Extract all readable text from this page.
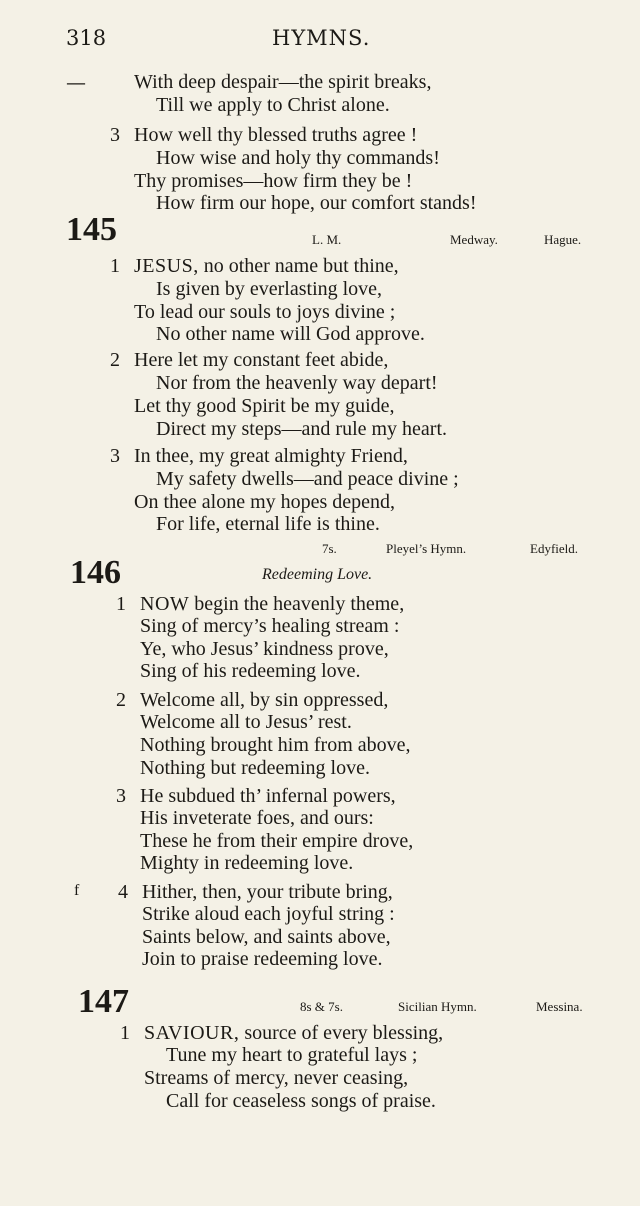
318	HYMNS.
— With deep despair—the spirit breaks,
Till we apply to Christ alone.
3 How well thy blessed truths agree !
How wise and holy thy commands!
Thy promises—how firm they be !
How firm our hope, our comfort stands!
145	L. M.	Medway.	Hague.
1 JESUS, no other name but thine,
Is given by everlasting love,
To lead our souls to joys divine ;
No other name will God approve.
2 Here let my constant feet abide,
Nor from the heavenly way depart!
Let thy good Spirit be my guide,
Direct my steps—and rule my heart.
3 In thee, my great almighty Friend,
My safety dwells—and peace divine ;
On thee alone my hopes depend,
For life, eternal life is thine.
7s.	Pleyel’s Hymn.	Edyfield.
146	Redeeming Love.
1 NOW begin the heavenly theme,
Sing of mercy’s healing stream :
Ye, who Jesus’ kindness prove,
Sing of his redeeming love.
2 Welcome all, by sin oppressed,
Welcome all to Jesus’ rest.
Nothing brought him from above,
Nothing but redeeming love.
3 He subdued th’ infernal powers,
His inveterate foes, and ours:
These he from their empire drove,
Mighty in redeeming love.
f 4 Hither, then, your tribute bring,
Strike aloud each joyful string :
Saints below, and saints above,
Join to praise redeeming love.
147	8s & 7s.	Sicilian Hymn.	Messina.
1 SAVIOUR, source of every blessing,
Tune my heart to grateful lays ;
Streams of mercy, never ceasing,
Call for ceaseless songs of praise.
